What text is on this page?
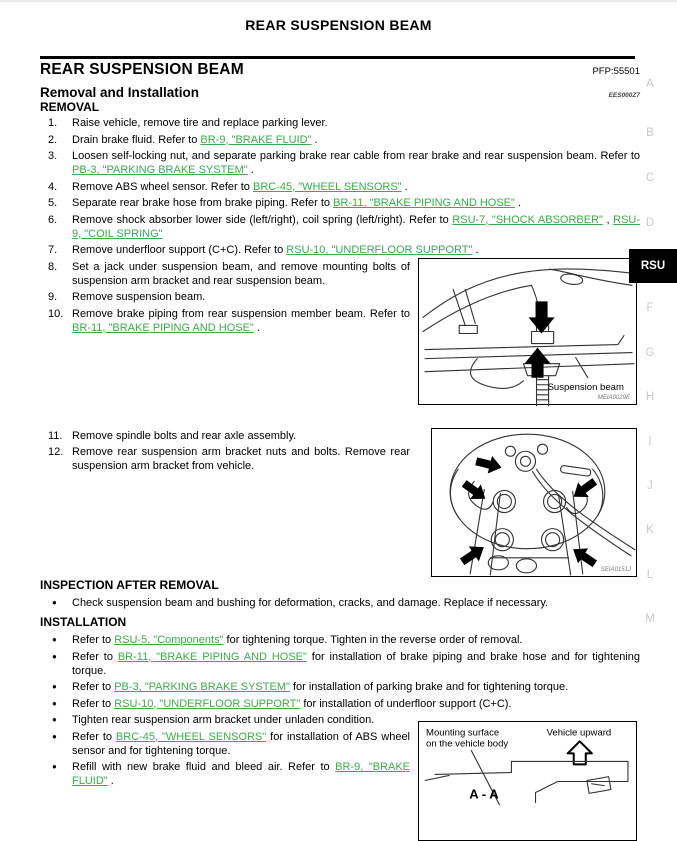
REAR SUSPENSION BEAM
REAR SUSPENSION BEAM	PFP:55501
Removal and Installation	EES000Z7
REMOVAL
1.	Raise vehicle, remove tire and replace parking lever.
2.	Drain brake fluid. Refer to BR-9, "BRAKE FLUID" .
3.	Loosen self-locking nut, and separate parking brake rear cable from rear brake and rear suspension beam. Refer to PB-3, "PARKING BRAKE SYSTEM" .
4.	Remove ABS wheel sensor. Refer to BRC-45, "WHEEL SENSORS" .
5.	Separate rear brake hose from brake piping. Refer to BR-11, "BRAKE PIPING AND HOSE" .
6.	Remove shock absorber lower side (left/right), coil spring (left/right). Refer to RSU-7, "SHOCK ABSORBER" , RSU-9, "COIL SPRING"
7.	Remove underfloor support (C+C). Refer to RSU-10, "UNDERFLOOR SUPPORT" .
8.	Set a jack under suspension beam, and remove mounting bolts of suspension arm bracket and rear suspension beam.
9.	Remove suspension beam.
10. Remove brake piping from rear suspension member beam. Refer to BR-11, "BRAKE PIPING AND HOSE" .
11. Remove spindle bolts and rear axle assembly.
12. Remove rear suspension arm bracket nuts and bolts. Remove rear suspension arm bracket from vehicle.
INSPECTION AFTER REMOVAL
●	Check suspension beam and bushing for deformation, cracks, and damage. Replace if necessary.
INSTALLATION
●	Refer to RSU-5, "Components" for tightening torque. Tighten in the reverse order of removal.
●	Refer to BR-11, "BRAKE PIPING AND HOSE" for installation of brake piping and brake hose and for tightening torque.
●	Refer to PB-3, "PARKING BRAKE SYSTEM" for installation of parking brake and for tightening torque.
●	Refer to RSU-10, "UNDERFLOOR SUPPORT" for installation of underfloor support (C+C).
●	Tighten rear suspension arm bracket under unladen condition.
●	Refer to BRC-45, "WHEEL SENSORS" for installation of ABS wheel sensor and for tightening torque.
●	Refill with new brake fluid and bleed air. Refer to BR-9, "BRAKE FLUID" .
Suspension beam
MEIA0029E
SEIA0151J
Mounting surface
on the vehicle body
Vehicle upward
A - A
A
B
C
D
RSU
F
G
H
I
J
K
L
M
